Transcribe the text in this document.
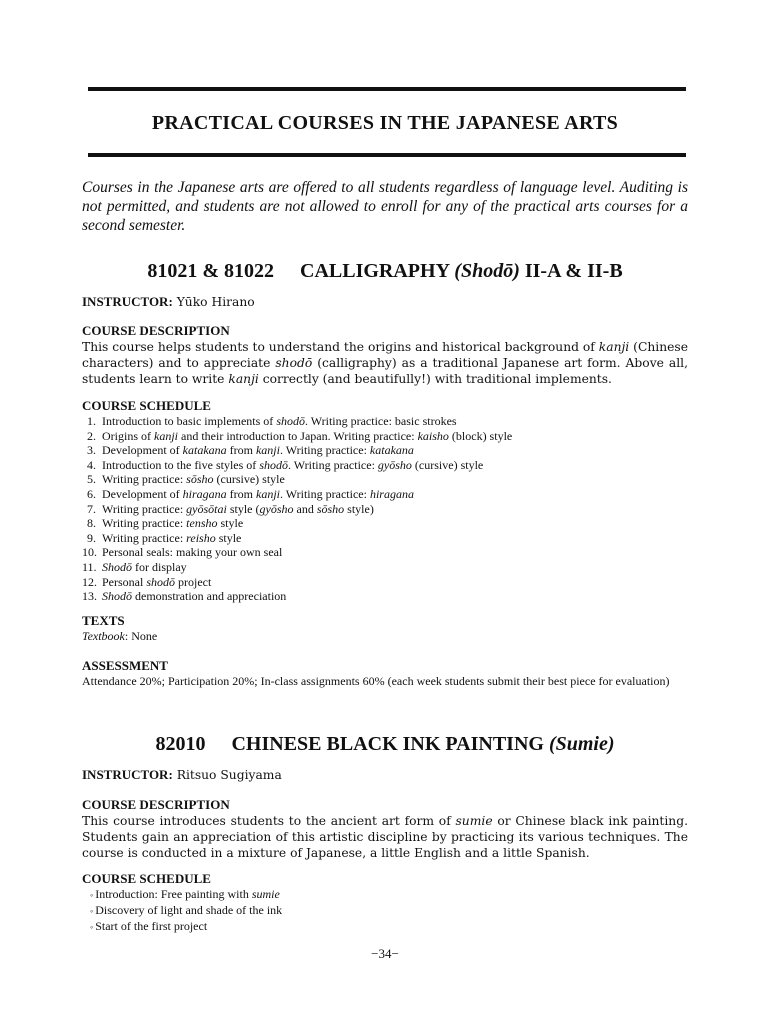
PRACTICAL COURSES IN THE JAPANESE ARTS
Courses in the Japanese arts are offered to all students regardless of language level. Auditing is not permitted, and students are not allowed to enroll for any of the practical arts courses for a second semester.
81021 & 81022 CALLIGRAPHY (Shodō) II-A & II-B
INSTRUCTOR: Yūko Hirano
COURSE DESCRIPTION
This course helps students to understand the origins and historical background of kanji (Chinese characters) and to appreciate shodō (calligraphy) as a traditional Japanese art form. Above all, students learn to write kanji correctly (and beautifully!) with traditional implements.
COURSE SCHEDULE
1. Introduction to basic implements of shodō. Writing practice: basic strokes
2. Origins of kanji and their introduction to Japan. Writing practice: kaisho (block) style
3. Development of katakana from kanji. Writing practice: katakana
4. Introduction to the five styles of shodō. Writing practice: gyōsho (cursive) style
5. Writing practice: sōsho (cursive) style
6. Development of hiragana from kanji. Writing practice: hiragana
7. Writing practice: gyōsōtai style (gyōsho and sōsho style)
8. Writing practice: tensho style
9. Writing practice: reisho style
10. Personal seals: making your own seal
11. Shodō for display
12. Personal shodō project
13. Shodō demonstration and appreciation
TEXTS
Textbook: None
ASSESSMENT
Attendance 20%; Participation 20%; In-class assignments 60% (each week students submit their best piece for evaluation)
82010 CHINESE BLACK INK PAINTING (Sumie)
INSTRUCTOR: Ritsuo Sugiyama
COURSE DESCRIPTION
This course introduces students to the ancient art form of sumie or Chinese black ink painting. Students gain an appreciation of this artistic discipline by practicing its various techniques. The course is conducted in a mixture of Japanese, a little English and a little Spanish.
COURSE SCHEDULE
◦ Introduction: Free painting with sumie
◦ Discovery of light and shade of the ink
◦ Start of the first project
−34−
